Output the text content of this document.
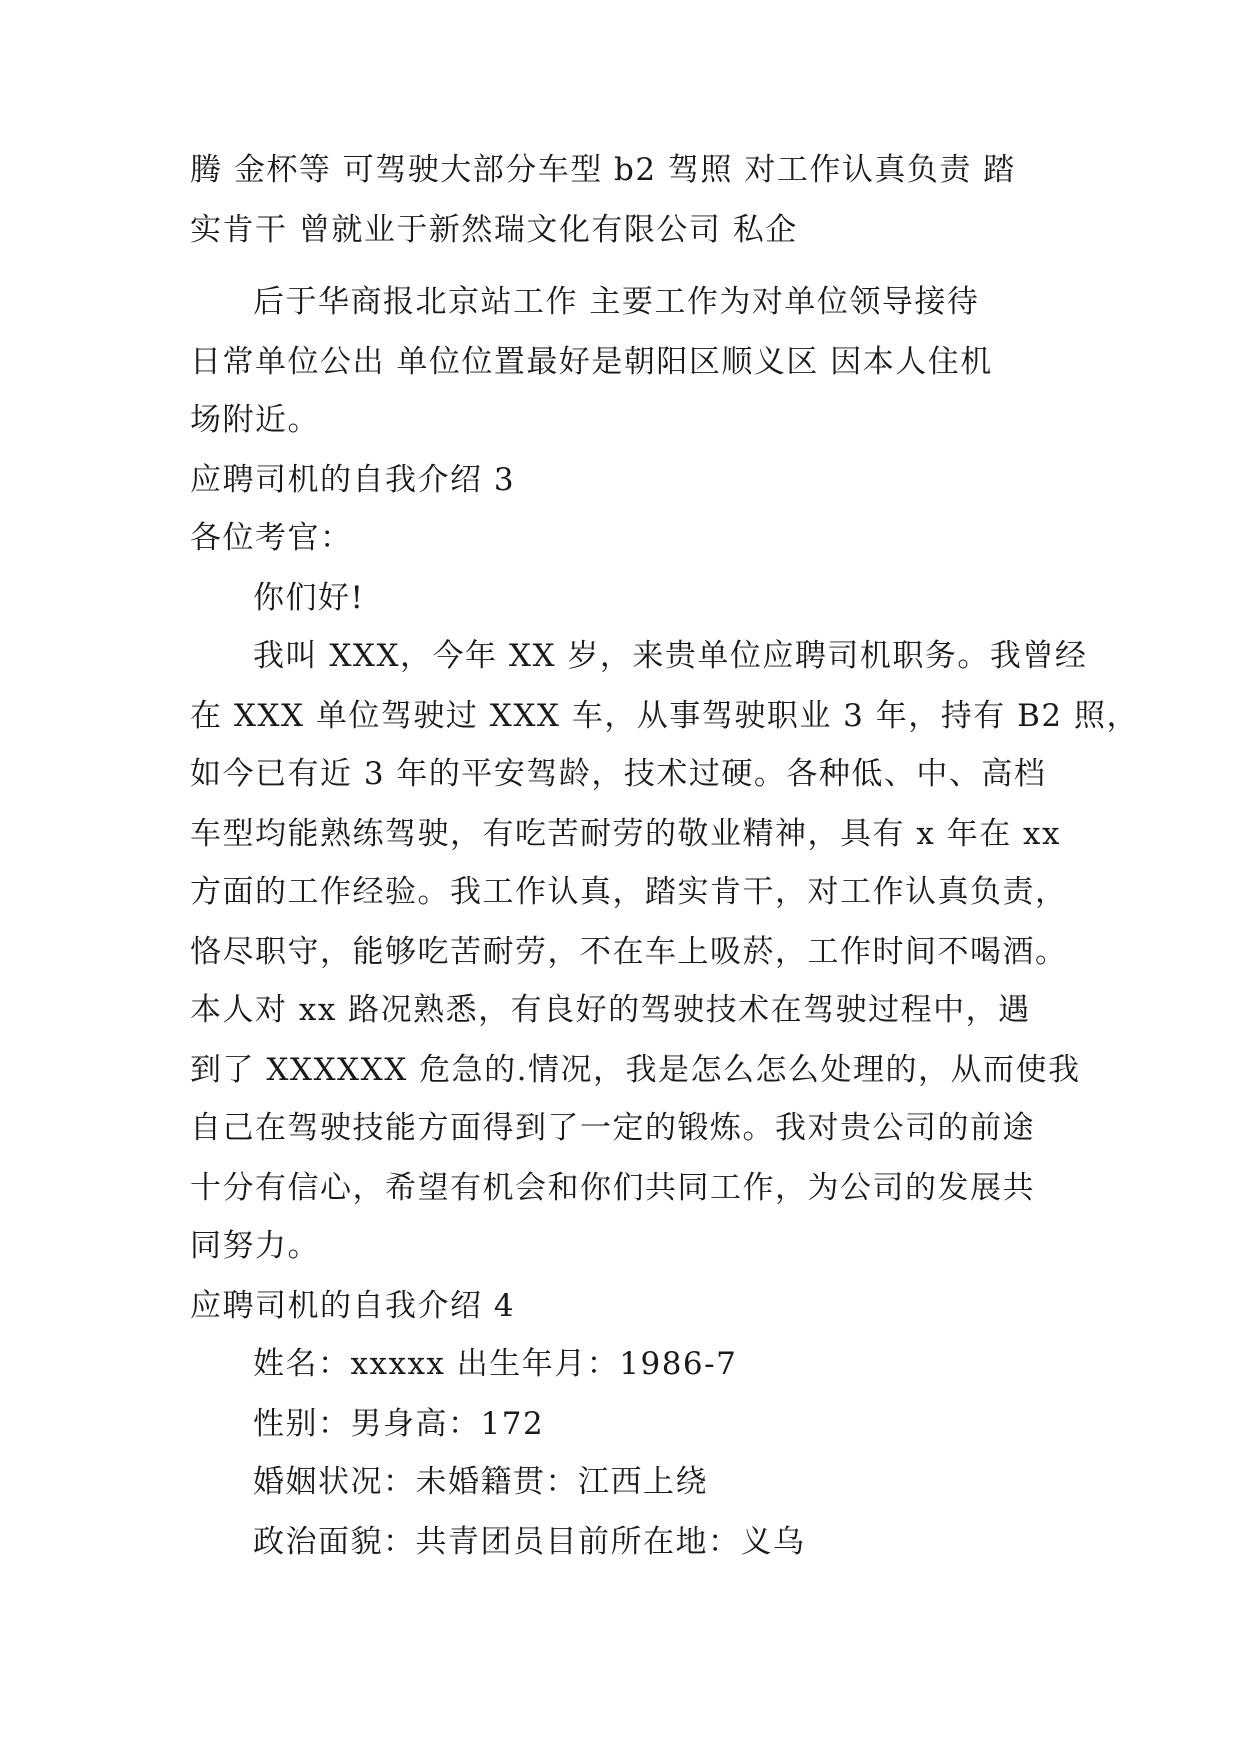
腾 金杯等 可驾驶大部分车型 b2 驾照 对工作认真负责 踏
实肯干 曾就业于新然瑞文化有限公司 私企
后于华商报北京站工作 主要工作为对单位领导接待
日常单位公出 单位位置最好是朝阳区顺义区 因本人住机
场附近。
应聘司机的自我介绍 3
各位考官：
你们好!
我叫 XXX，今年 XX 岁，来贵单位应聘司机职务。我曾经
在 XXX 单位驾驶过 XXX 车，从事驾驶职业 3 年，持有 B2 照，
如今已有近 3 年的平安驾龄，技术过硬。各种低、中、高档
车型均能熟练驾驶，有吃苦耐劳的敬业精神，具有 x 年在 xx
方面的工作经验。我工作认真，踏实肯干，对工作认真负责，
恪尽职守，能够吃苦耐劳，不在车上吸菸，工作时间不喝酒。
本人对 xx 路况熟悉，有良好的驾驶技术在驾驶过程中，遇
到了 XXXXXX 危急的.情况，我是怎么怎么处理的，从而使我
自己在驾驶技能方面得到了一定的锻炼。我对贵公司的前途
十分有信心，希望有机会和你们共同工作，为公司的发展共
同努力。
应聘司机的自我介绍 4
姓名：xxxxx 出生年月：1986-7
性别：男身高：172
婚姻状况：未婚籍贯：江西上绕
政治面貌：共青团员目前所在地：义乌
